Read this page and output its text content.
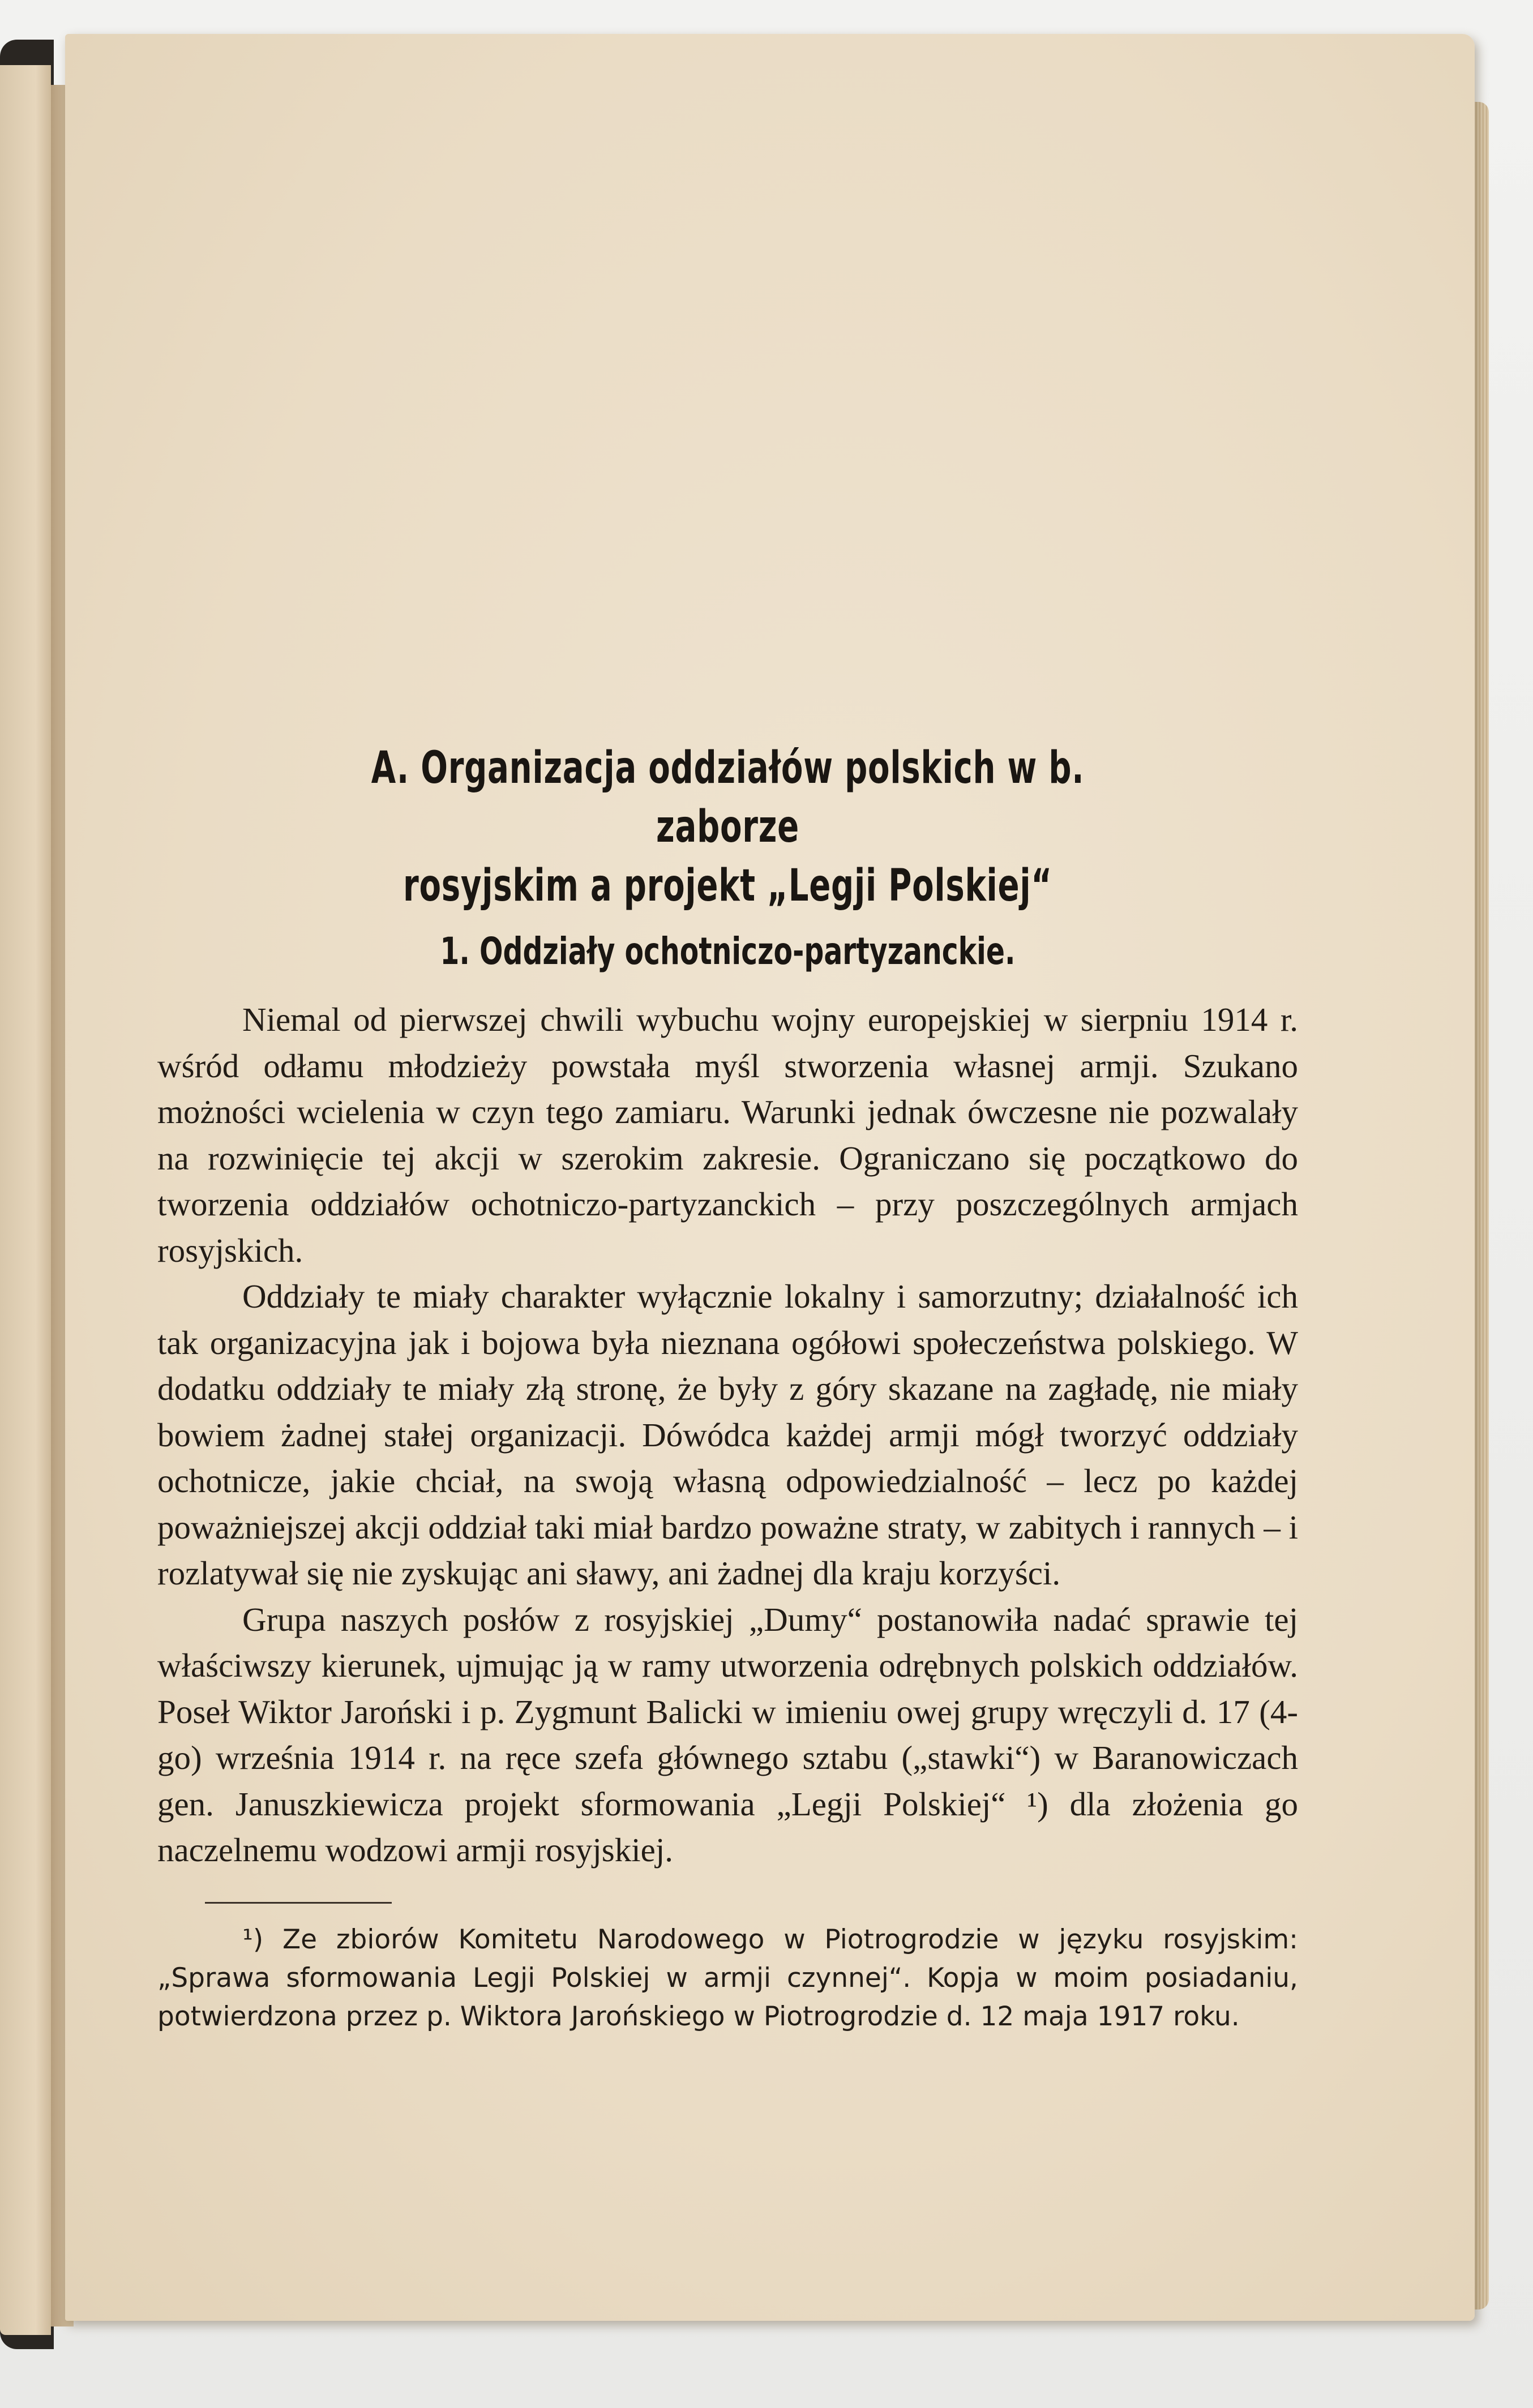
A. Organizacja oddziałów polskich w b. zaborze
rosyjskim a projekt „Legji Polskiej“
1. Oddziały ochotniczo-partyzanckie.

Niemal od pierwszej chwili wybuchu wojny europejskiej w sierpniu 1914 r. wśród odłamu młodzieży powstała myśl stworzenia własnej armji. Szukano możności wcielenia w czyn tego zamiaru. Warunki jednak ówczesne nie pozwalały na rozwinięcie tej akcji w szerokim zakresie. Ograniczano się początkowo do tworzenia oddziałów ochotniczo-partyzanckich – przy poszczególnych armjach rosyjskich.

Oddziały te miały charakter wyłącznie lokalny i samorzutny; działalność ich tak organizacyjna jak i bojowa była nieznana ogółowi społeczeństwa polskiego. W dodatku oddziały te miały złą stronę, że były z góry skazane na zagładę, nie miały bowiem żadnej stałej organizacji. Dówódca każdej armji mógł tworzyć oddziały ochotnicze, jakie chciał, na swoją własną odpowiedzialność – lecz po każdej poważniejszej akcji oddział taki miał bardzo poważne straty, w zabitych i rannych – i rozlatywał się nie zyskując ani sławy, ani żadnej dla kraju korzyści.

Grupa naszych posłów z rosyjskiej „Dumy“ postanowiła nadać sprawie tej właściwszy kierunek, ujmując ją w ramy utworzenia odrębnych polskich oddziałów. Poseł Wiktor Jaroński i p. Zygmunt Balicki w imieniu owej grupy wręczyli d. 17 (4-go) września 1914 r. na ręce szefa głównego sztabu („stawki“) w Baranowiczach gen. Januszkiewicza projekt sformowania „Legji Polskiej“ ¹) dla złożenia go naczelnemu wodzowi armji rosyjskiej.

¹) Ze zbiorów Komitetu Narodowego w Piotrogrodzie w języku rosyjskim: „Sprawa sformowania Legji Polskiej w armji czynnej“. Kopja w moim posiadaniu, potwierdzona przez p. Wiktora Jarońskiego w Piotrogrodzie d. 12 maja 1917 roku.
